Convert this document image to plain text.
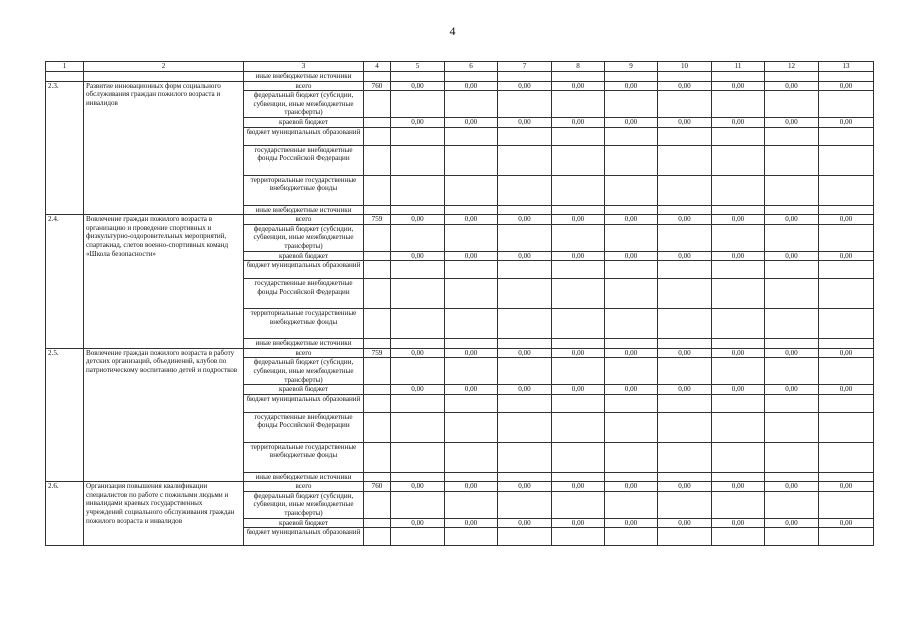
4
1	2	3	4	5	6	7	8	9	10	11	12	13
		иные внебюджетные источники										
2.3.	Развитие инновационных форм социального обслуживания граждан пожилого возраста и инвалидов	всего	760	0,00	0,00	0,00	0,00	0,00	0,00	0,00	0,00	0,00
		федеральный бюджет (субсидии, субвенции, иные межбюджетные трансферты)										
		краевой бюджет		0,00	0,00	0,00	0,00	0,00	0,00	0,00	0,00	0,00
		бюджет муниципальных образований										
		государственные внебюджетные фонды Российской Федерации										
		территориальные государственные внебюджетные фонды										
		иные внебюджетные источники										
2.4.	Вовлечение граждан пожилого возраста в организацию и проведение спортивных и физкультурно-оздоровительных мероприятий, спартакиад, слетов военно-спортивных команд «Школа безопасности»	всего	759	0,00	0,00	0,00	0,00	0,00	0,00	0,00	0,00	0,00
		федеральный бюджет (субсидии, субвенции, иные межбюджетные трансферты)										
		краевой бюджет		0,00	0,00	0,00	0,00	0,00	0,00	0,00	0,00	0,00
		бюджет муниципальных образований										
		государственные внебюджетные фонды Российской Федерации										
		территориальные государственные внебюджетные фонды										
		иные внебюджетные источники										
2.5.	Вовлечение граждан пожилого возраста в работу детских организаций, объединений, клубов по патриотическому воспитанию детей и подростков	всего	759	0,00	0,00	0,00	0,00	0,00	0,00	0,00	0,00	0,00
		федеральный бюджет (субсидии, субвенции, иные межбюджетные трансферты)										
		краевой бюджет		0,00	0,00	0,00	0,00	0,00	0,00	0,00	0,00	0,00
		бюджет муниципальных образований										
		государственные внебюджетные фонды Российской Федерации										
		территориальные государственные внебюджетные фонды										
		иные внебюджетные источники										
2.6.	Организация повышения квалификации специалистов по работе с пожилыми людьми и инвалидами краевых государственных учреждений социального обслуживания граждан пожилого возраста и инвалидов	всего	760	0,00	0,00	0,00	0,00	0,00	0,00	0,00	0,00	0,00
		федеральный бюджет (субсидии, субвенции, иные межбюджетные трансферты)										
		краевой бюджет		0,00	0,00	0,00	0,00	0,00	0,00	0,00	0,00	0,00
		бюджет муниципальных образований										
